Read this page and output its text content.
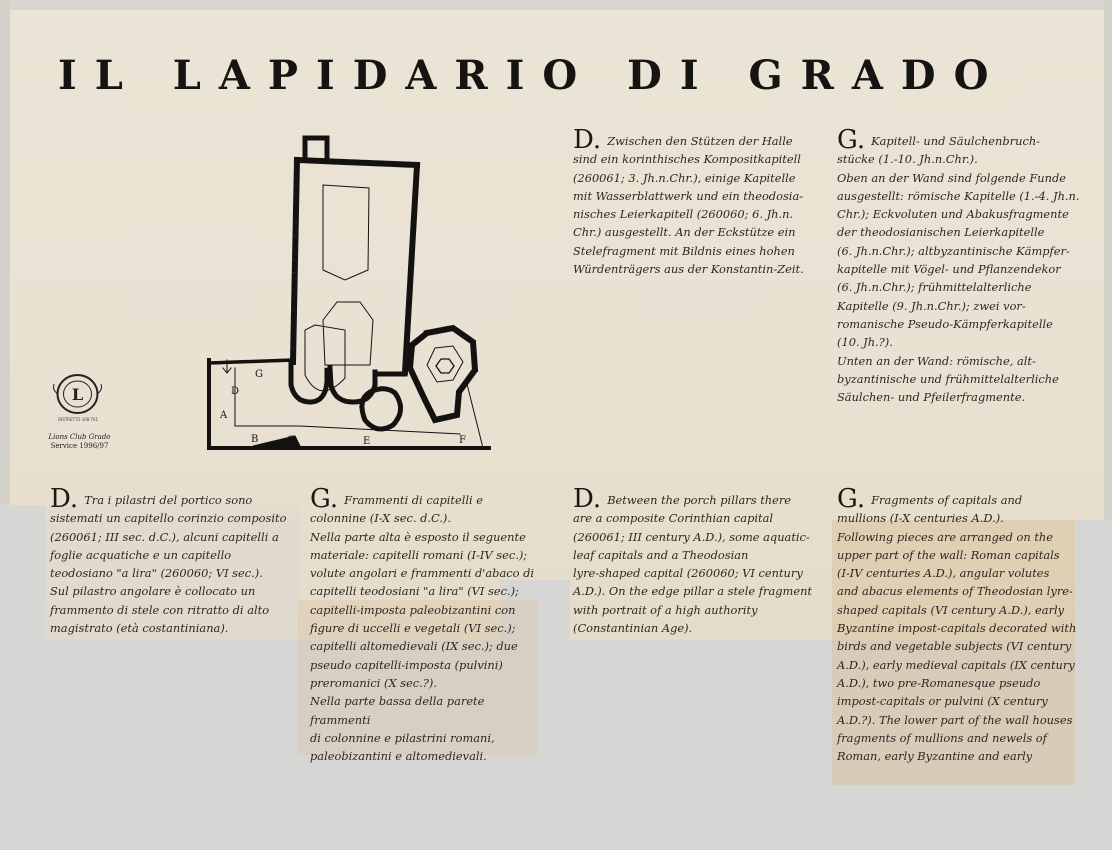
IL LAPIDARIO DI GRADO
A
B	C
D
E	F
G
L

DISTRETTO 108 TA1

Lions Club Grado

Service 1996/97

D. Zwischen den Stützen der Halle

sind ein korinthisches Kompositkapitell

(260061; 3. Jh.n.Chr.), einige Kapitelle

mit Wasserblattwerk und ein theodosia-

nisches Leierkapitell (260060; 6. Jh.n.

Chr.) ausgestellt. An der Eckstütze ein

Stelefragment mit Bildnis eines hohen

Würdenträgers aus der Konstantin-Zeit.

G. Kapitell- und Säulchenbruch-

stücke (1.-10. Jh.n.Chr.).

Oben an der Wand sind folgende Funde

ausgestellt: römische Kapitelle (1.-4. Jh.n.

Chr.); Eckvoluten und Abakusfragmente

der theodosianischen Leierkapitelle

(6. Jh.n.Chr.); altbyzantinische Kämpfer-

kapitelle mit Vögel- und Pflanzendekor

(6. Jh.n.Chr.); frühmittelalterliche

Kapitelle (9. Jh.n.Chr.); zwei vor-

romanische Pseudo-Kämpferkapitelle

(10. Jh.?).

Unten an der Wand: römische, alt-

byzantinische und frühmittelalterliche

Säulchen- und Pfeilerfragmente.

D. Tra i pilastri del portico sono

sistemati un capitello corinzio composito

(260061; III sec. d.C.), alcuni capitelli a

foglie acquatiche e un capitello

teodosiano "a lira" (260060; VI sec.).

Sul pilastro angolare è collocato un

frammento di stele con ritratto di alto

magistrato (età costantiniana).

G. Frammenti di capitelli e

colonnine (I-X sec. d.C.).

Nella parte alta è esposto il seguente

materiale: capitelli romani (I-IV sec.);

volute angolari e frammenti d'abaco di

capitelli teodosiani "a lira" (VI sec.);

capitelli-imposta paleobizantini con

figure di uccelli e vegetali (VI sec.);

capitelli altomedievali (IX sec.); due

pseudo capitelli-imposta (pulvini)

preromanici (X sec.?).

Nella parte bassa della parete frammenti

di colonnine e pilastrini romani,

paleobizantini e altomedievali.

D. Between the porch pillars there

are a composite Corinthian capital

(260061; III century A.D.), some aquatic-

leaf capitals and a Theodosian

lyre-shaped capital (260060; VI century

A.D.). On the edge pillar a stele fragment

with portrait of a high authority

(Constantinian Age).

G. Fragments of capitals and

mullions (I-X centuries A.D.).

Following pieces are arranged on the

upper part of the wall: Roman capitals

(I-IV centuries A.D.), angular volutes

and abacus elements of Theodosian lyre-

shaped capitals (VI century A.D.), early

Byzantine impost-capitals decorated with

birds and vegetable subjects (VI century

A.D.), early medieval capitals (IX century

A.D.), two pre-Romanesque pseudo

impost-capitals or pulvini (X century

A.D.?). The lower part of the wall houses

fragments of mullions and newels of

Roman, early Byzantine and early
